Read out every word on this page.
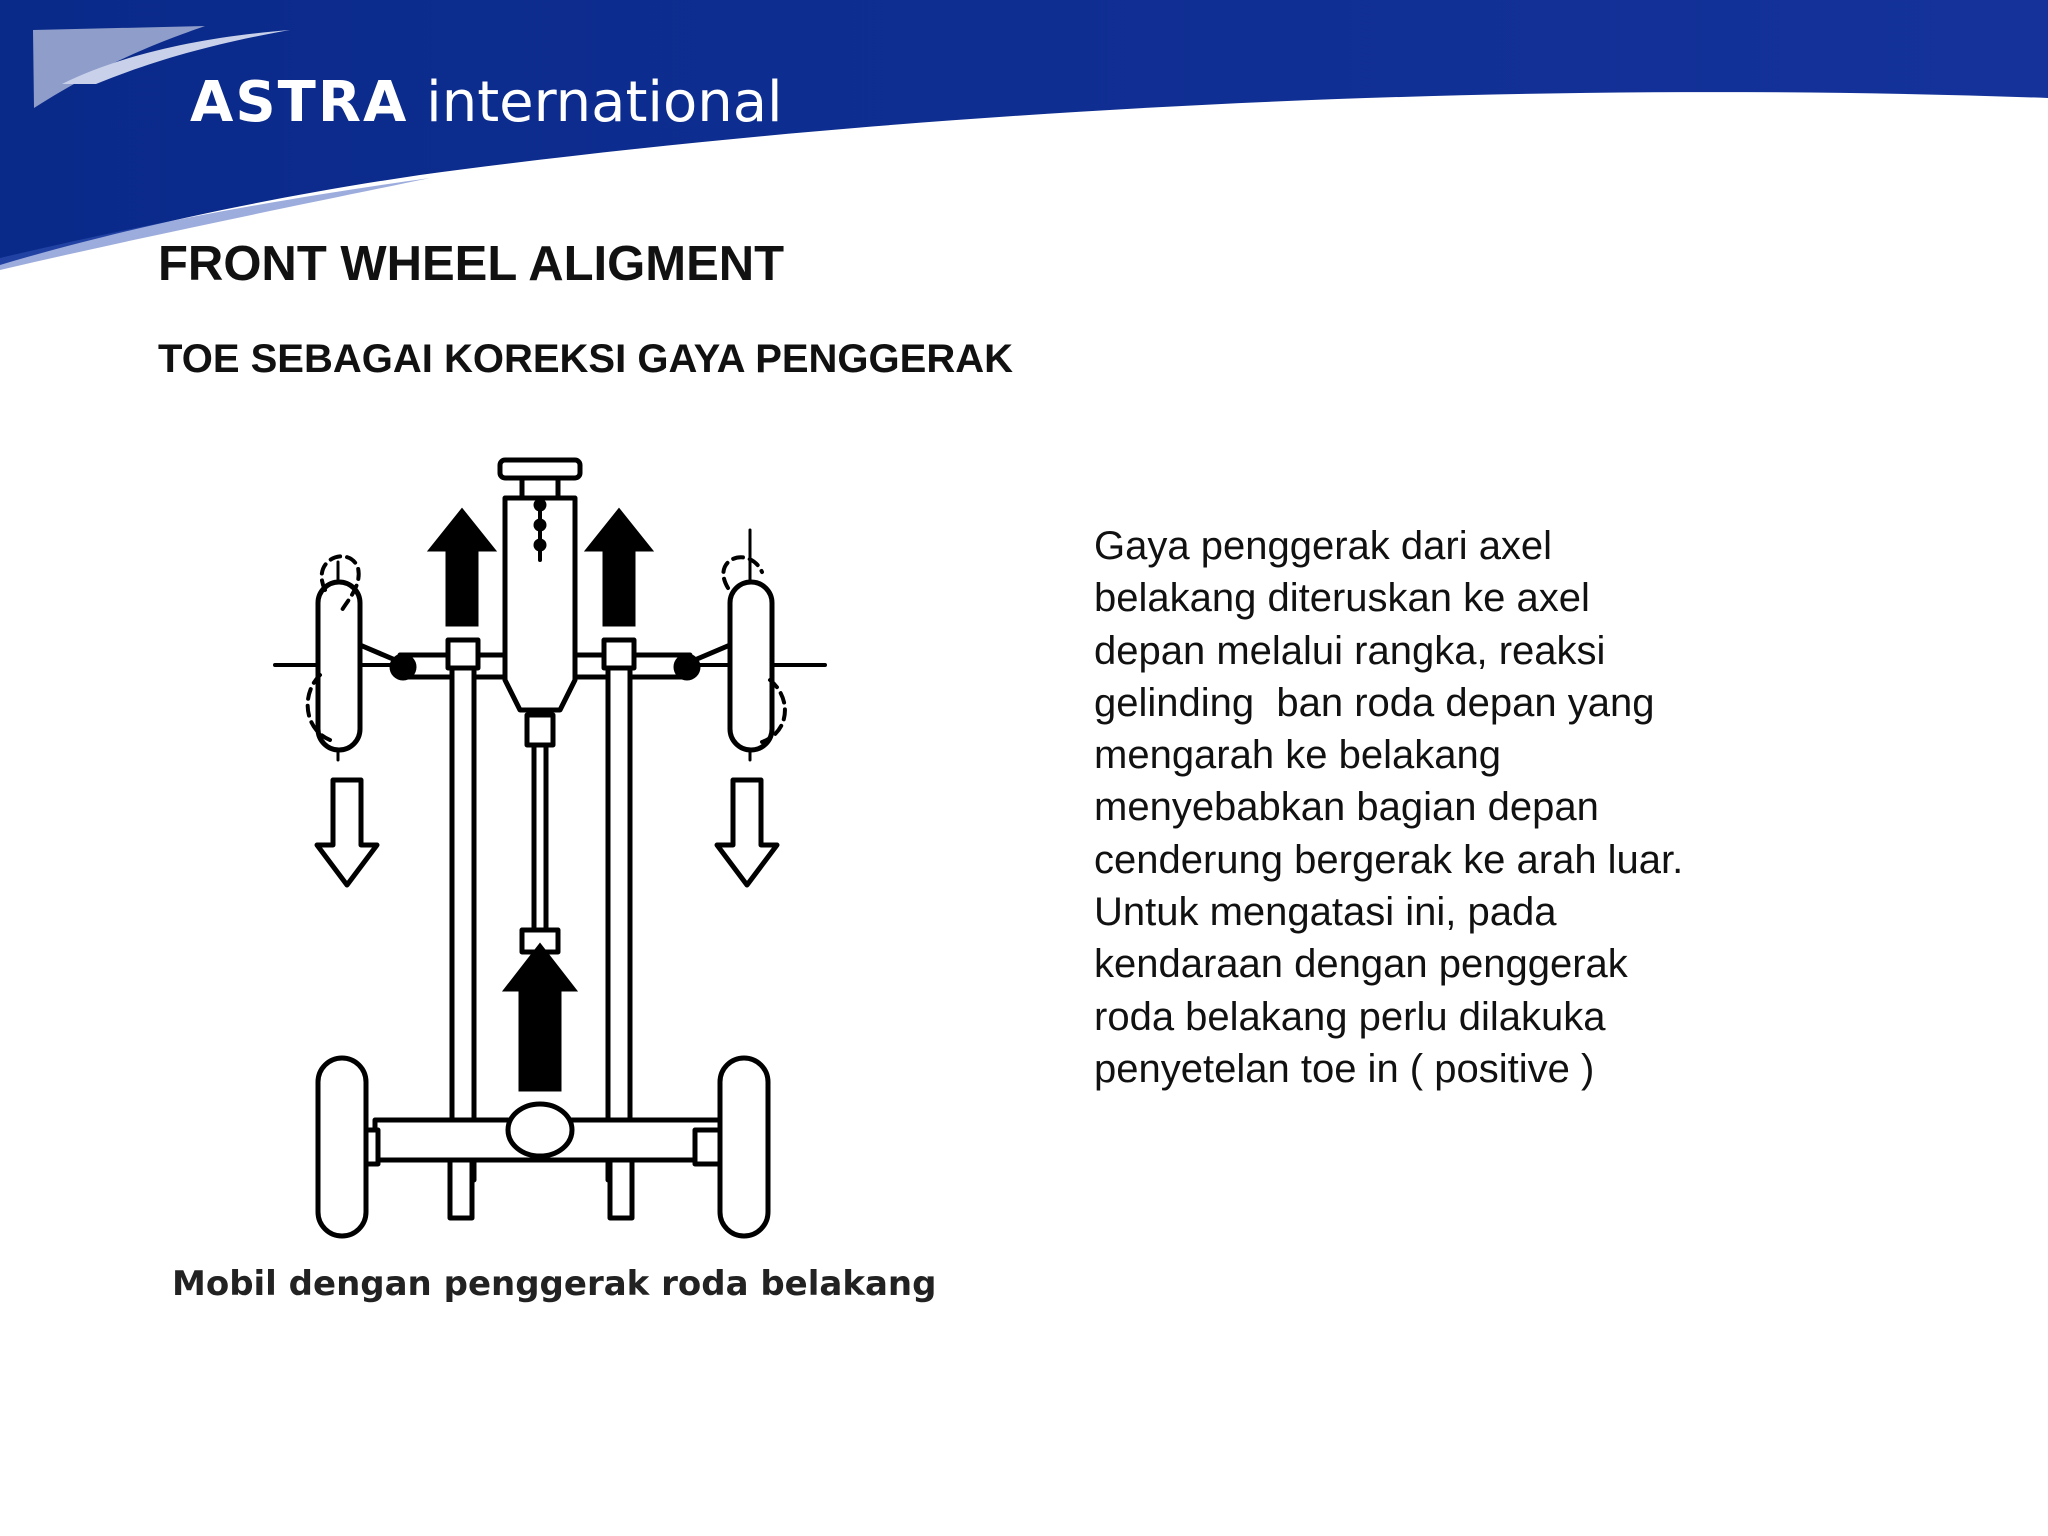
ASTRA international
FRONT WHEEL ALIGMENT
TOE SEBAGAI KOREKSI GAYA PENGGERAK

Mobil dengan penggerak roda belakang

Gaya penggerak dari axel
belakang diteruskan ke axel
depan melalui rangka, reaksi
gelinding  ban roda depan yang
mengarah ke belakang
menyebabkan bagian depan
cenderung bergerak ke arah luar.
Untuk mengatasi ini, pada
kendaraan dengan penggerak
roda belakang perlu dilakuka
penyetelan toe in ( positive )
